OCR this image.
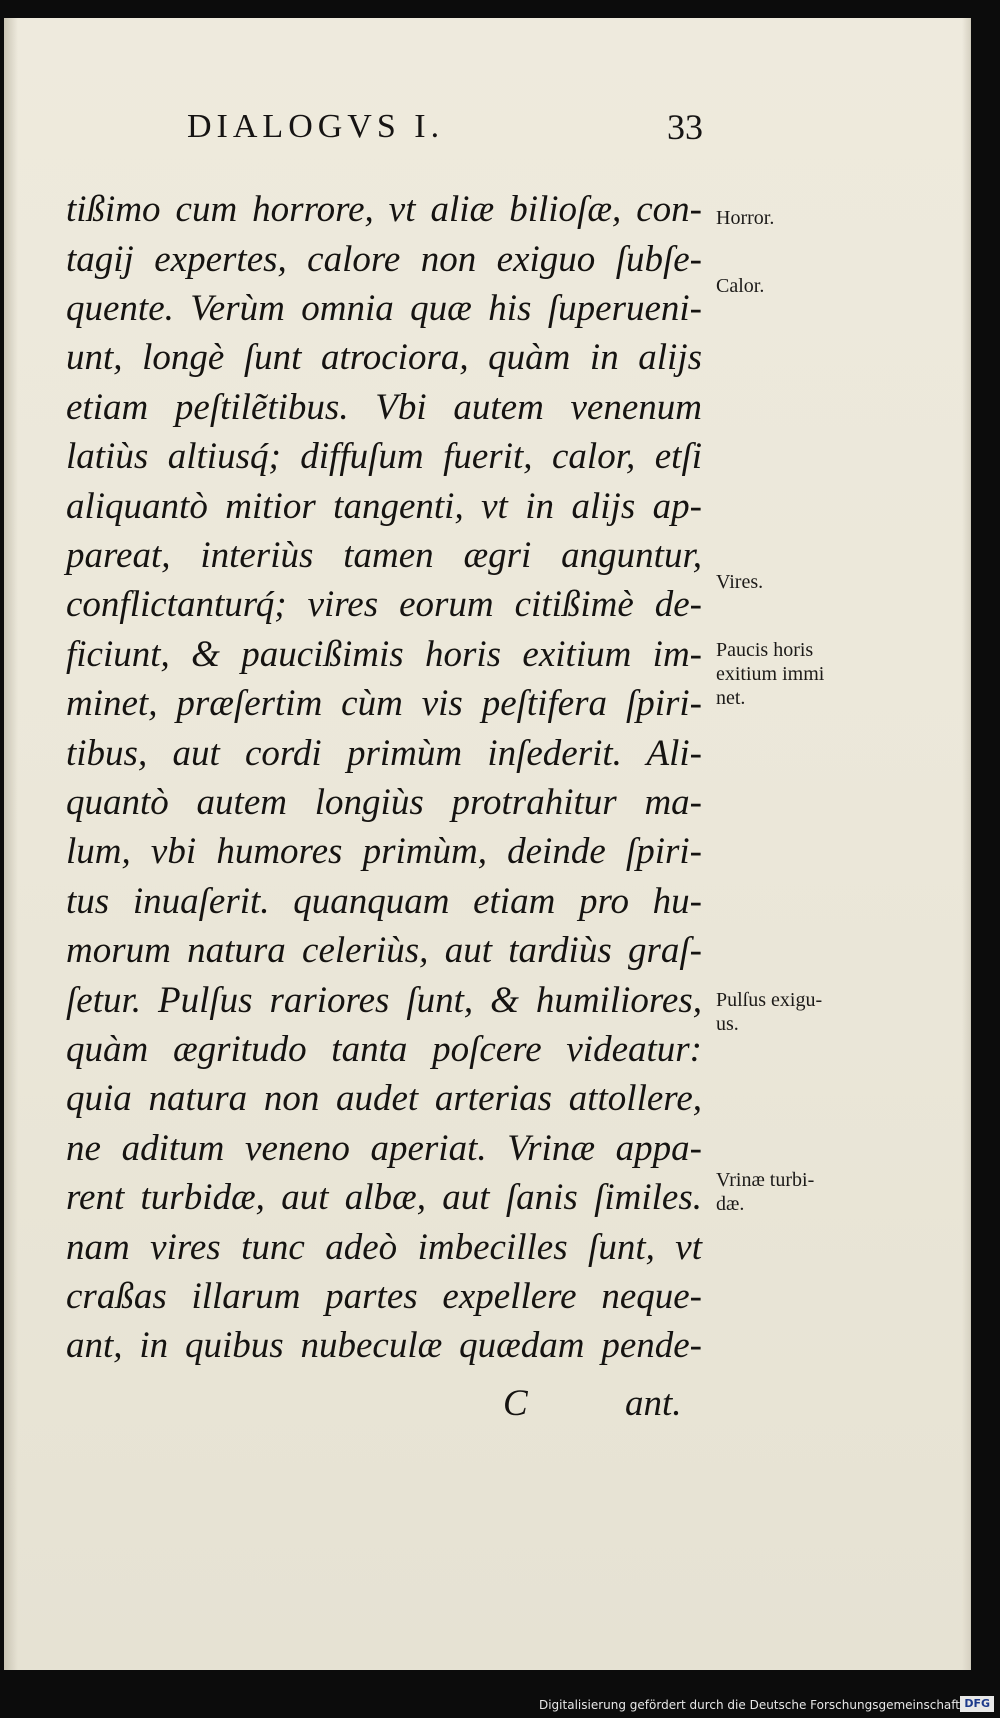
DIALOGVS I.	33
tißimo cum horrore, vt aliæ bilioſæ, con-
tagij expertes, calore non exiguo ſubſe-
quente. Verùm omnia quæ his ſuperueni-
unt, longè ſunt atrociora, quàm in alijs
etiam peſtilẽtibus. Vbi autem venenum
latiùs altiusq́; diffuſum fuerit, calor, etſi
aliquantò mitior tangenti, vt in alijs ap-
pareat, interiùs tamen ægri anguntur,
conflictanturq́; vires eorum citißimè de-
ficiunt, & paucißimis horis exitium im-
minet, præſertim cùm vis peſtifera ſpiri-
tibus, aut cordi primùm inſederit. Ali-
quantò autem longiùs protrahitur ma-
lum, vbi humores primùm, deinde ſpiri-
tus inuaſerit. quanquam etiam pro hu-
morum natura celeriùs, aut tardiùs graſ-
ſetur. Pulſus rariores ſunt, & humiliores,
quàm ægritudo tanta poſcere videatur:
quia natura non audet arterias attollere,
ne aditum veneno aperiat. Vrinæ appa-
rent turbidæ, aut albæ, aut ſanis ſimiles.
nam vires tunc adeò imbecilles ſunt, vt
craßas illarum partes expellere neque-
ant, in quibus nubeculæ quædam pende-
C	ant.
Horror.
Calor.
Vires.
Paucis horis
exitium immi
net.
Pulſus exigu-
us.
Vrinæ turbi-
dæ.
Digitalisierung gefördert durch die Deutsche Forschungsgemeinschaft DFG
